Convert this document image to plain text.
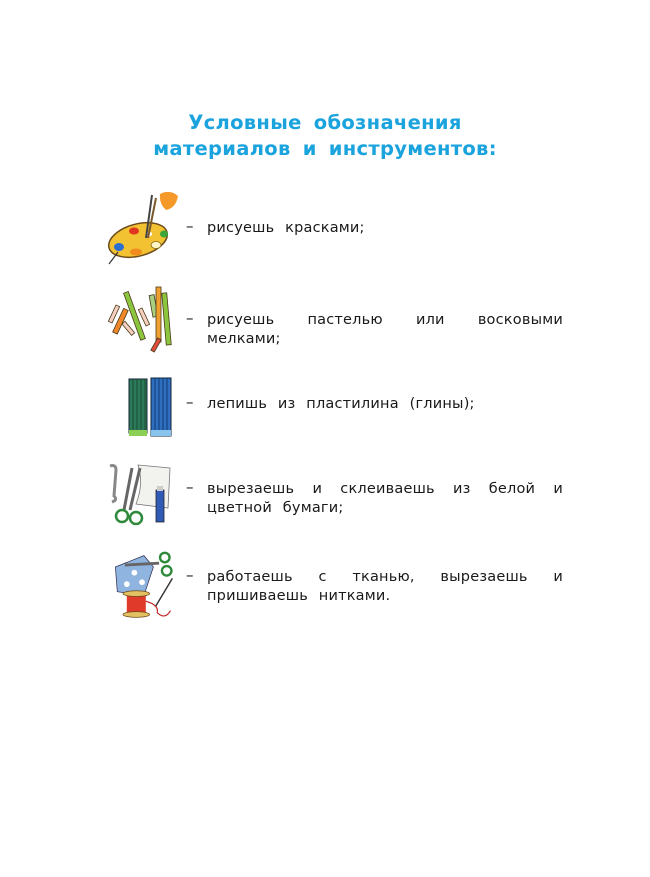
Условные обозначения
материалов и инструментов:
– рисуешь красками;
– рисуешь пастелью или восковыми мелками;
– лепишь из пластилина (глины);
– вырезаешь и склеиваешь из белой и цветной бумаги;
– работаешь с тканью, вырезаешь и пришиваешь нитками.
